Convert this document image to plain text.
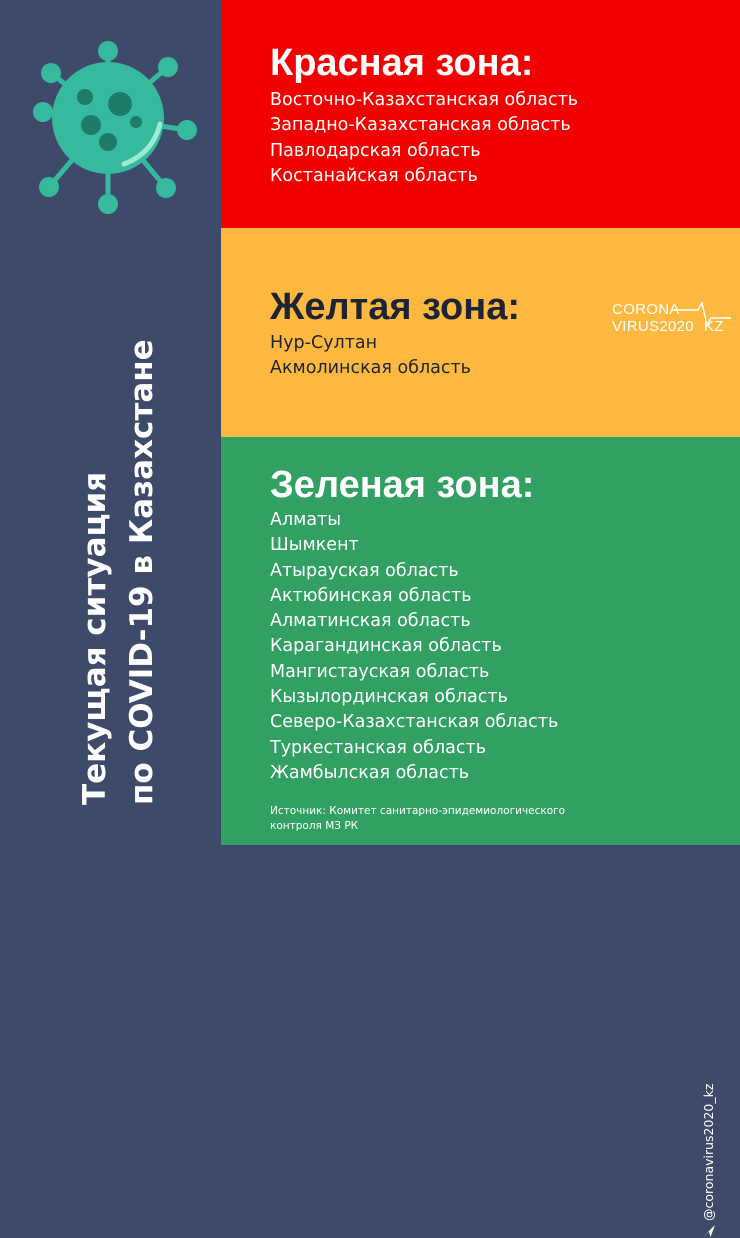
Текущая ситуация по COVID-19 в Казахстане
Красная зона:
Восточно-Казахстанская область
Западно-Казахстанская область
Павлодарская область
Костанайская область
Желтая зона:
Нур-Султан
Акмолинская область
CORONA
VIRUS2020 KZ
Зеленая зона:
Алматы
Шымкент
Атырауская область
Актюбинская область
Алматинская область
Карагандинская область
Мангистауская область
Кызылординская область
Северо-Казахстанская область
Туркестанская область
Жамбылская область
Источник: Комитет санитарно-эпидемиологического контроля МЗ РК
@coronavirus2020_kz
